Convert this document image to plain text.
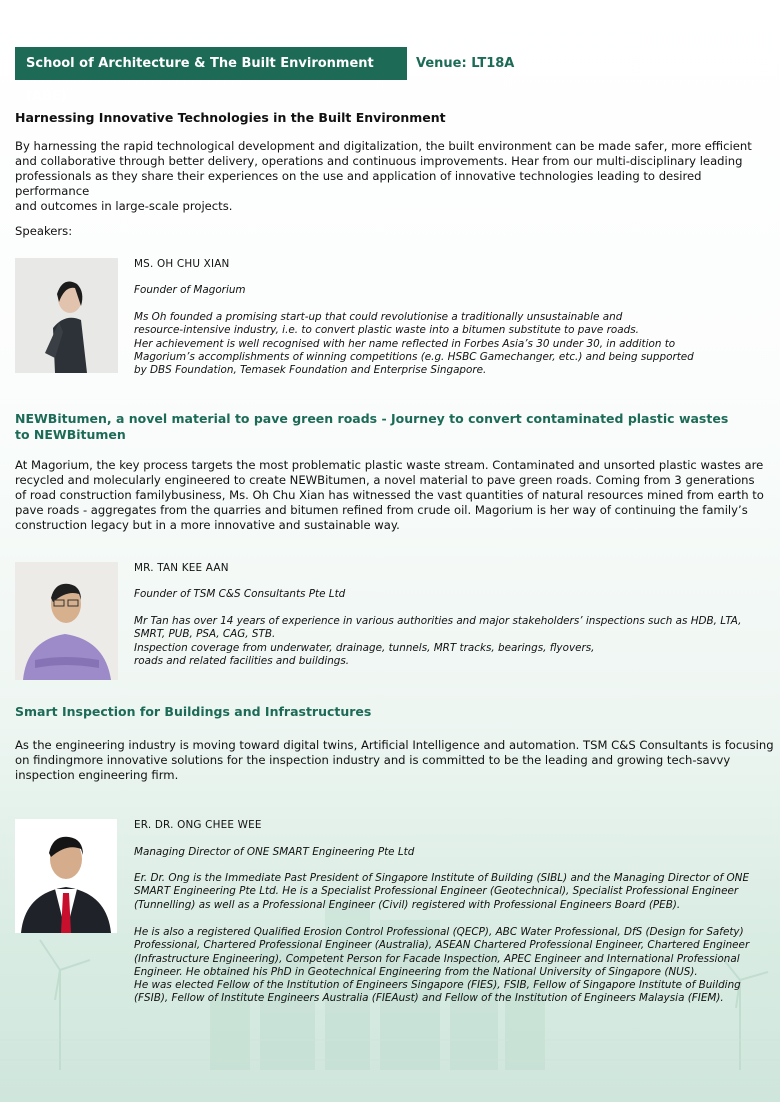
School of Architecture & The Built Environment (ABE)
Venue: LT18A
Harnessing Innovative Technologies in the Built Environment
By harnessing the rapid technological development and digitalization, the built environment can be made safer, more efficient
and collaborative through better delivery, operations and continuous improvements. Hear from our multi-disciplinary leading
professionals as they share their experiences on the use and application of innovative technologies leading to desired performance
and outcomes in large-scale projects.
Speakers:
MS. OH CHU XIAN
Founder of Magorium
Ms Oh founded a promising start-up that could revolutionise a traditionally unsustainable and
resource-intensive industry, i.e. to convert plastic waste into a bitumen substitute to pave roads.
Her achievement is well recognised with her name reflected in Forbes Asia’s 30 under 30, in addition to
Magorium’s accomplishments of winning competitions (e.g. HSBC Gamechanger, etc.) and being supported
by DBS Foundation, Temasek Foundation and Enterprise Singapore.
NEWBitumen, a novel material to pave green roads - Journey to convert contaminated plastic wastes
to NEWBitumen
At Magorium, the key process targets the most problematic plastic waste stream. Contaminated and unsorted plastic wastes are
recycled and molecularly engineered to create NEWBitumen, a novel material to pave green roads. Coming from 3 generations
of road construction familybusiness, Ms. Oh Chu Xian has witnessed the vast quantities of natural resources mined from earth to
pave roads - aggregates from the quarries and bitumen refined from crude oil. Magorium is her way of continuing the family’s
construction legacy but in a more innovative and sustainable way.
MR. TAN KEE AAN
Founder of TSM C&S Consultants Pte Ltd
Mr Tan has over 14 years of experience in various authorities and major stakeholders’ inspections such as HDB, LTA,
SMRT, PUB, PSA, CAG, STB.
Inspection coverage from underwater, drainage, tunnels, MRT tracks, bearings, flyovers,
roads and related facilities and buildings.
Smart Inspection for Buildings and Infrastructures
As the engineering industry is moving toward digital twins, Artificial Intelligence and automation. TSM C&S Consultants is focusing
on findingmore innovative solutions for the inspection industry and is committed to be the leading and growing tech-savvy
inspection engineering firm.
ER. DR. ONG CHEE WEE
Managing Director of ONE SMART Engineering Pte Ltd
Er. Dr. Ong is the Immediate Past President of Singapore Institute of Building (SIBL) and the Managing Director of ONE
SMART Engineering Pte Ltd. He is a Specialist Professional Engineer (Geotechnical), Specialist Professional Engineer
(Tunnelling) as well as a Professional Engineer (Civil) registered with Professional Engineers Board (PEB).
He is also a registered Qualified Erosion Control Professional (QECP), ABC Water Professional, DfS (Design for Safety)
Professional, Chartered Professional Engineer (Australia), ASEAN Chartered Professional Engineer, Chartered Engineer
(Infrastructure Engineering), Competent Person for Facade Inspection, APEC Engineer and International Professional
Engineer. He obtained his PhD in Geotechnical Engineering from the National University of Singapore (NUS).
He was elected Fellow of the Institution of Engineers Singapore (FIES), FSIB, Fellow of Singapore Institute of Building
(FSIB), Fellow of Institute Engineers Australia (FIEAust) and Fellow of the Institution of Engineers Malaysia (FIEM).
